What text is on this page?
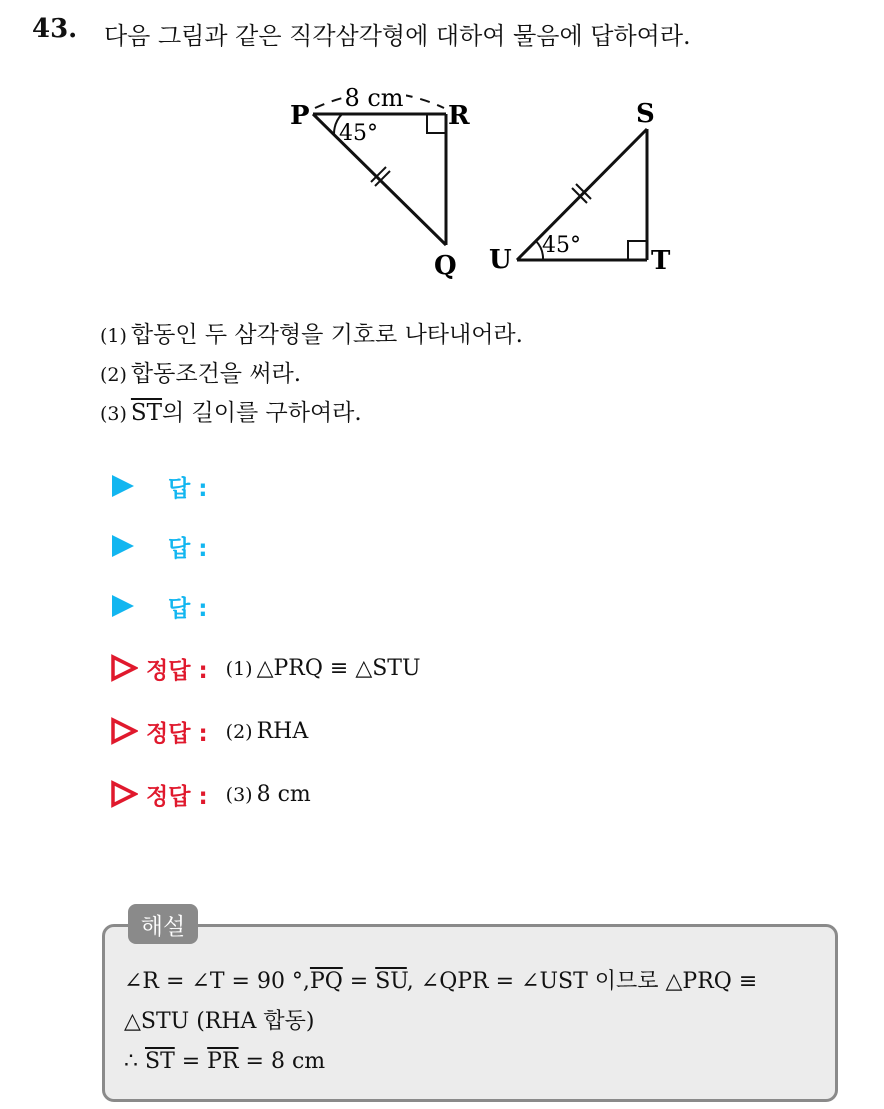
43. 다음 그림과 같은 직각삼각형에 대하여 물음에 답하여라.
8 cm
45°
P	R
Q
45°
S
U	T
(1) 합동인 두 삼각형을 기호로 나타내어라.
(2) 합동조건을 써라.
(3) $\overline{ST}$의 길이를 구하여라.
답 :
답 :
답 :
정답 : (1) △PRQ ≡ △STU
정답 : (2) RHA
정답 : (3) 8 cm
해설
∠R = ∠T = 90 $^\circ,\overline{PQ} = \overline{SU}$, ∠QPR = ∠UST 이므로 △PRQ ≡
△STU (RHA 합동)
∴ $\overline{ST} = \overline{PR} = 8$ cm
